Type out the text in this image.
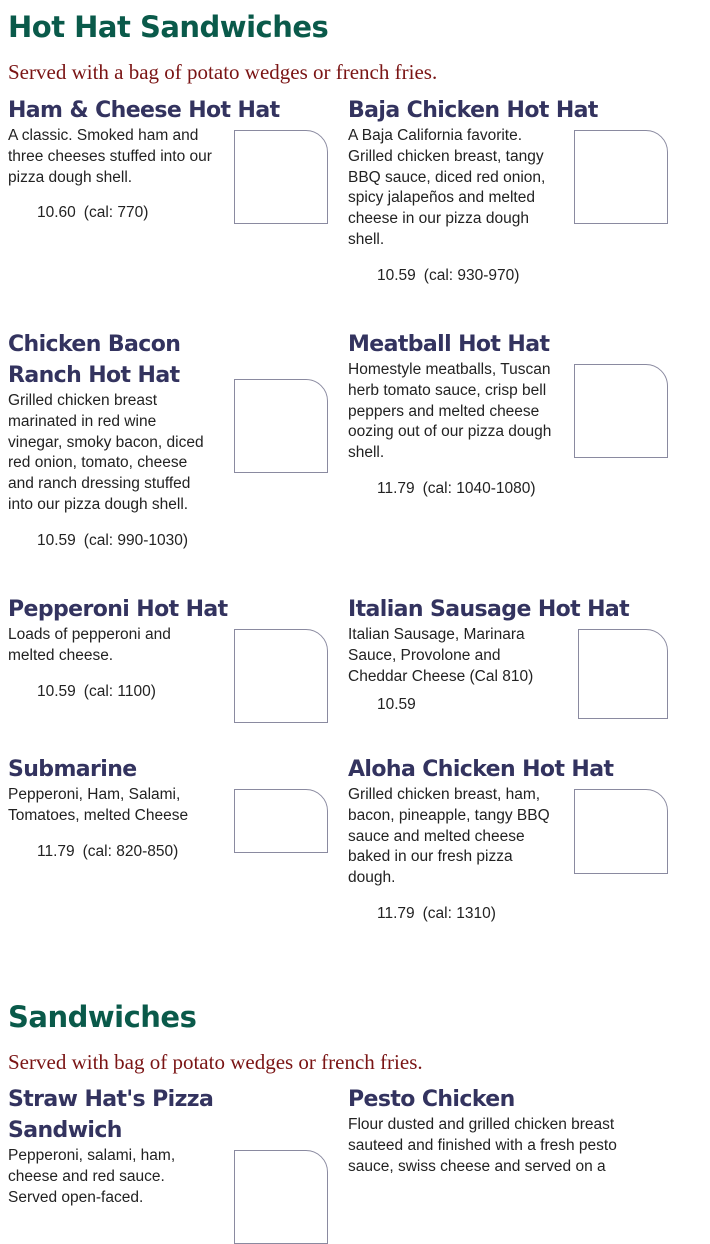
Hot Hat Sandwiches

Served with a bag of potato wedges or french fries.

Ham & Cheese Hot Hat

A classic. Smoked ham and three cheeses stuffed into our pizza dough shell.

10.60 (cal: 770)

Baja Chicken Hot Hat

A Baja California favorite. Grilled chicken breast, tangy BBQ sauce, diced red onion, spicy jalapeños and melted cheese in our pizza dough shell.

10.59 (cal: 930-970)

Chicken Bacon Ranch Hot Hat

Grilled chicken breast marinated in red wine vinegar, smoky bacon, diced red onion, tomato, cheese and ranch dressing stuffed into our pizza dough shell.

10.59 (cal: 990-1030)

Meatball Hot Hat

Homestyle meatballs, Tuscan herb tomato sauce, crisp bell peppers and melted cheese oozing out of our pizza dough shell.

11.79 (cal: 1040-1080)

Pepperoni Hot Hat

Loads of pepperoni and melted cheese.

10.59 (cal: 1100)

Italian Sausage Hot Hat

Italian Sausage, Marinara Sauce, Provolone and Cheddar Cheese (Cal 810)

10.59

Submarine

Pepperoni, Ham, Salami, Tomatoes, melted Cheese

11.79 (cal: 820-850)

Aloha Chicken Hot Hat

Grilled chicken breast, ham, bacon, pineapple, tangy BBQ sauce and melted cheese baked in our fresh pizza dough.

11.79 (cal: 1310)

Sandwiches

Served with bag of potato wedges or french fries.

Straw Hat's Pizza Sandwich

Pepperoni, salami, ham, cheese and red sauce. Served open-faced.

Pesto Chicken

Flour dusted and grilled chicken breast sauteed and finished with a fresh pesto sauce, swiss cheese and served on a
